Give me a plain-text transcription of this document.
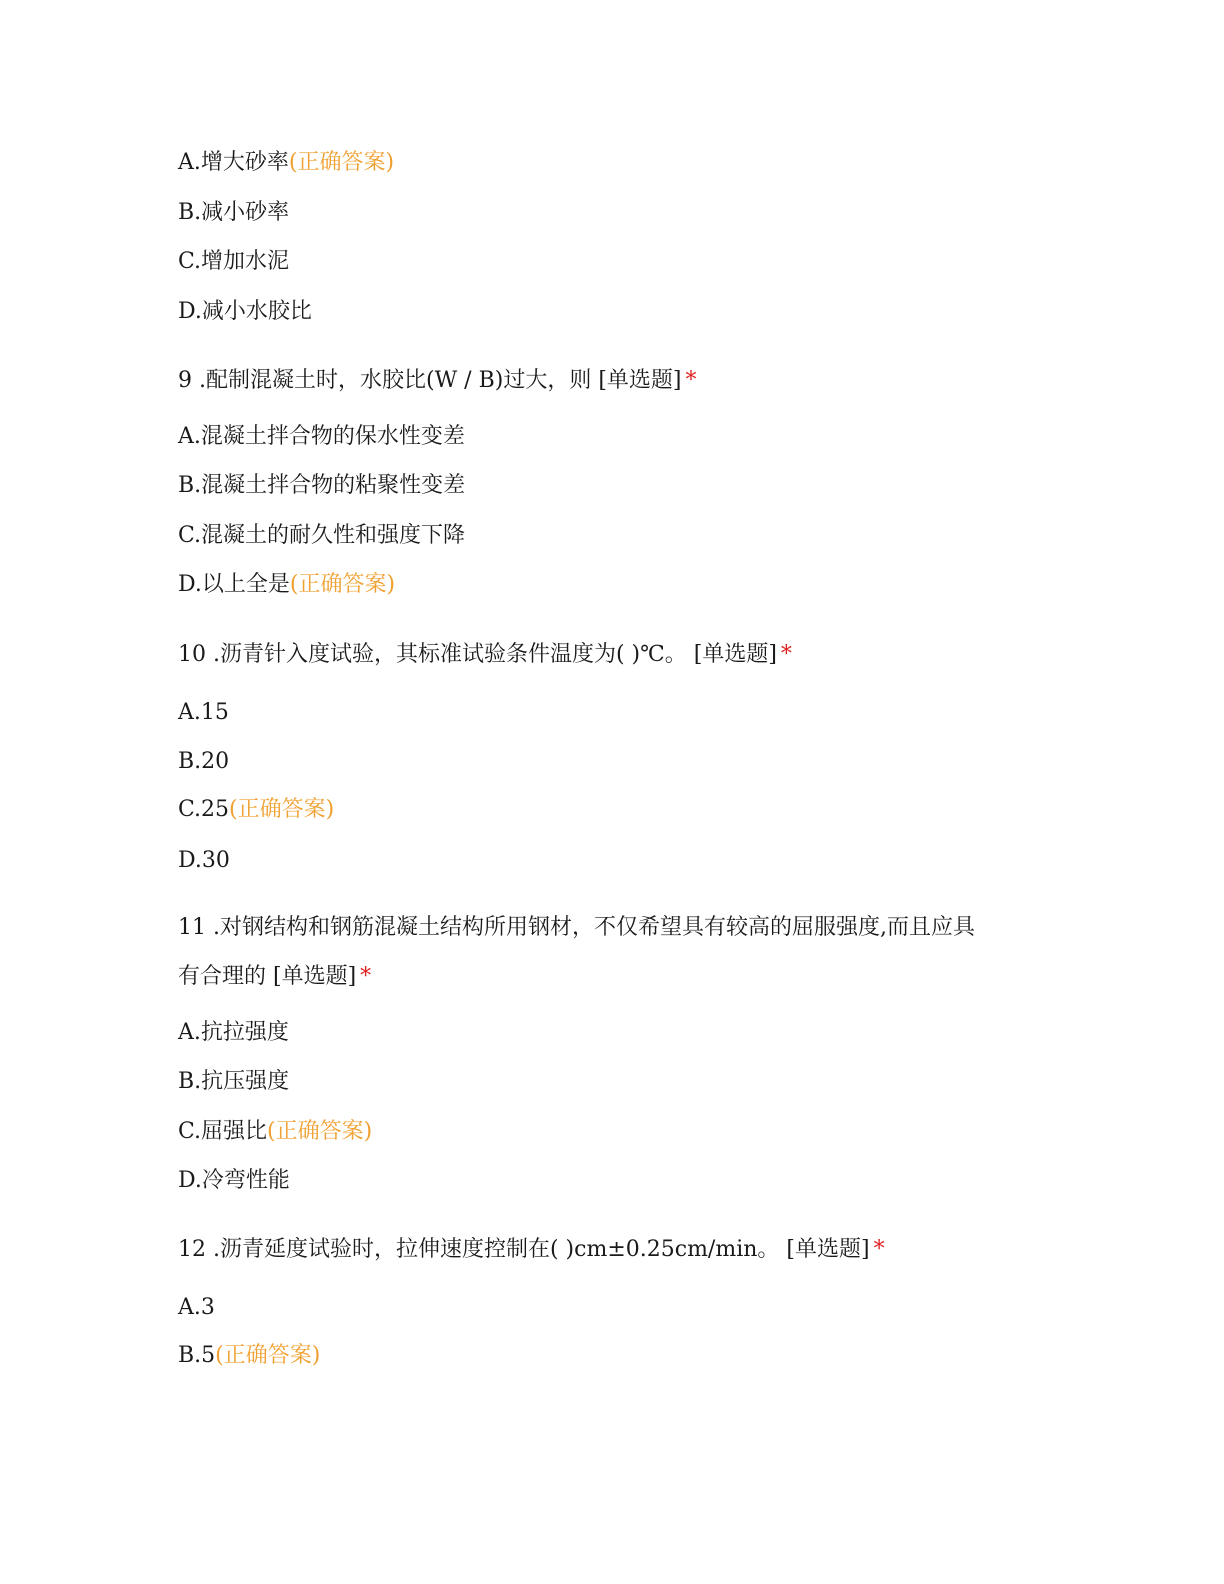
A.增大砂率(正确答案)
B.减小砂率
C.增加水泥
D.减小水胶比
9 .配制混凝土时，水胶比(W / B)过大，则 [单选题] *
A.混凝土拌合物的保水性变差
B.混凝土拌合物的粘聚性变差
C.混凝土的耐久性和强度下降
D.以上全是(正确答案)
10 .沥青针入度试验，其标准试验条件温度为( )℃。 [单选题] *
A.15
B.20
C.25(正确答案)
D.30
11 .对钢结构和钢筋混凝土结构所用钢材，不仅希望具有较高的屈服强度,而且应具
有合理的 [单选题] *
A.抗拉强度
B.抗压强度
C.屈强比(正确答案)
D.冷弯性能
12 .沥青延度试验时，拉伸速度控制在( )cm±0.25cm/min。 [单选题] *
A.3
B.5(正确答案)
